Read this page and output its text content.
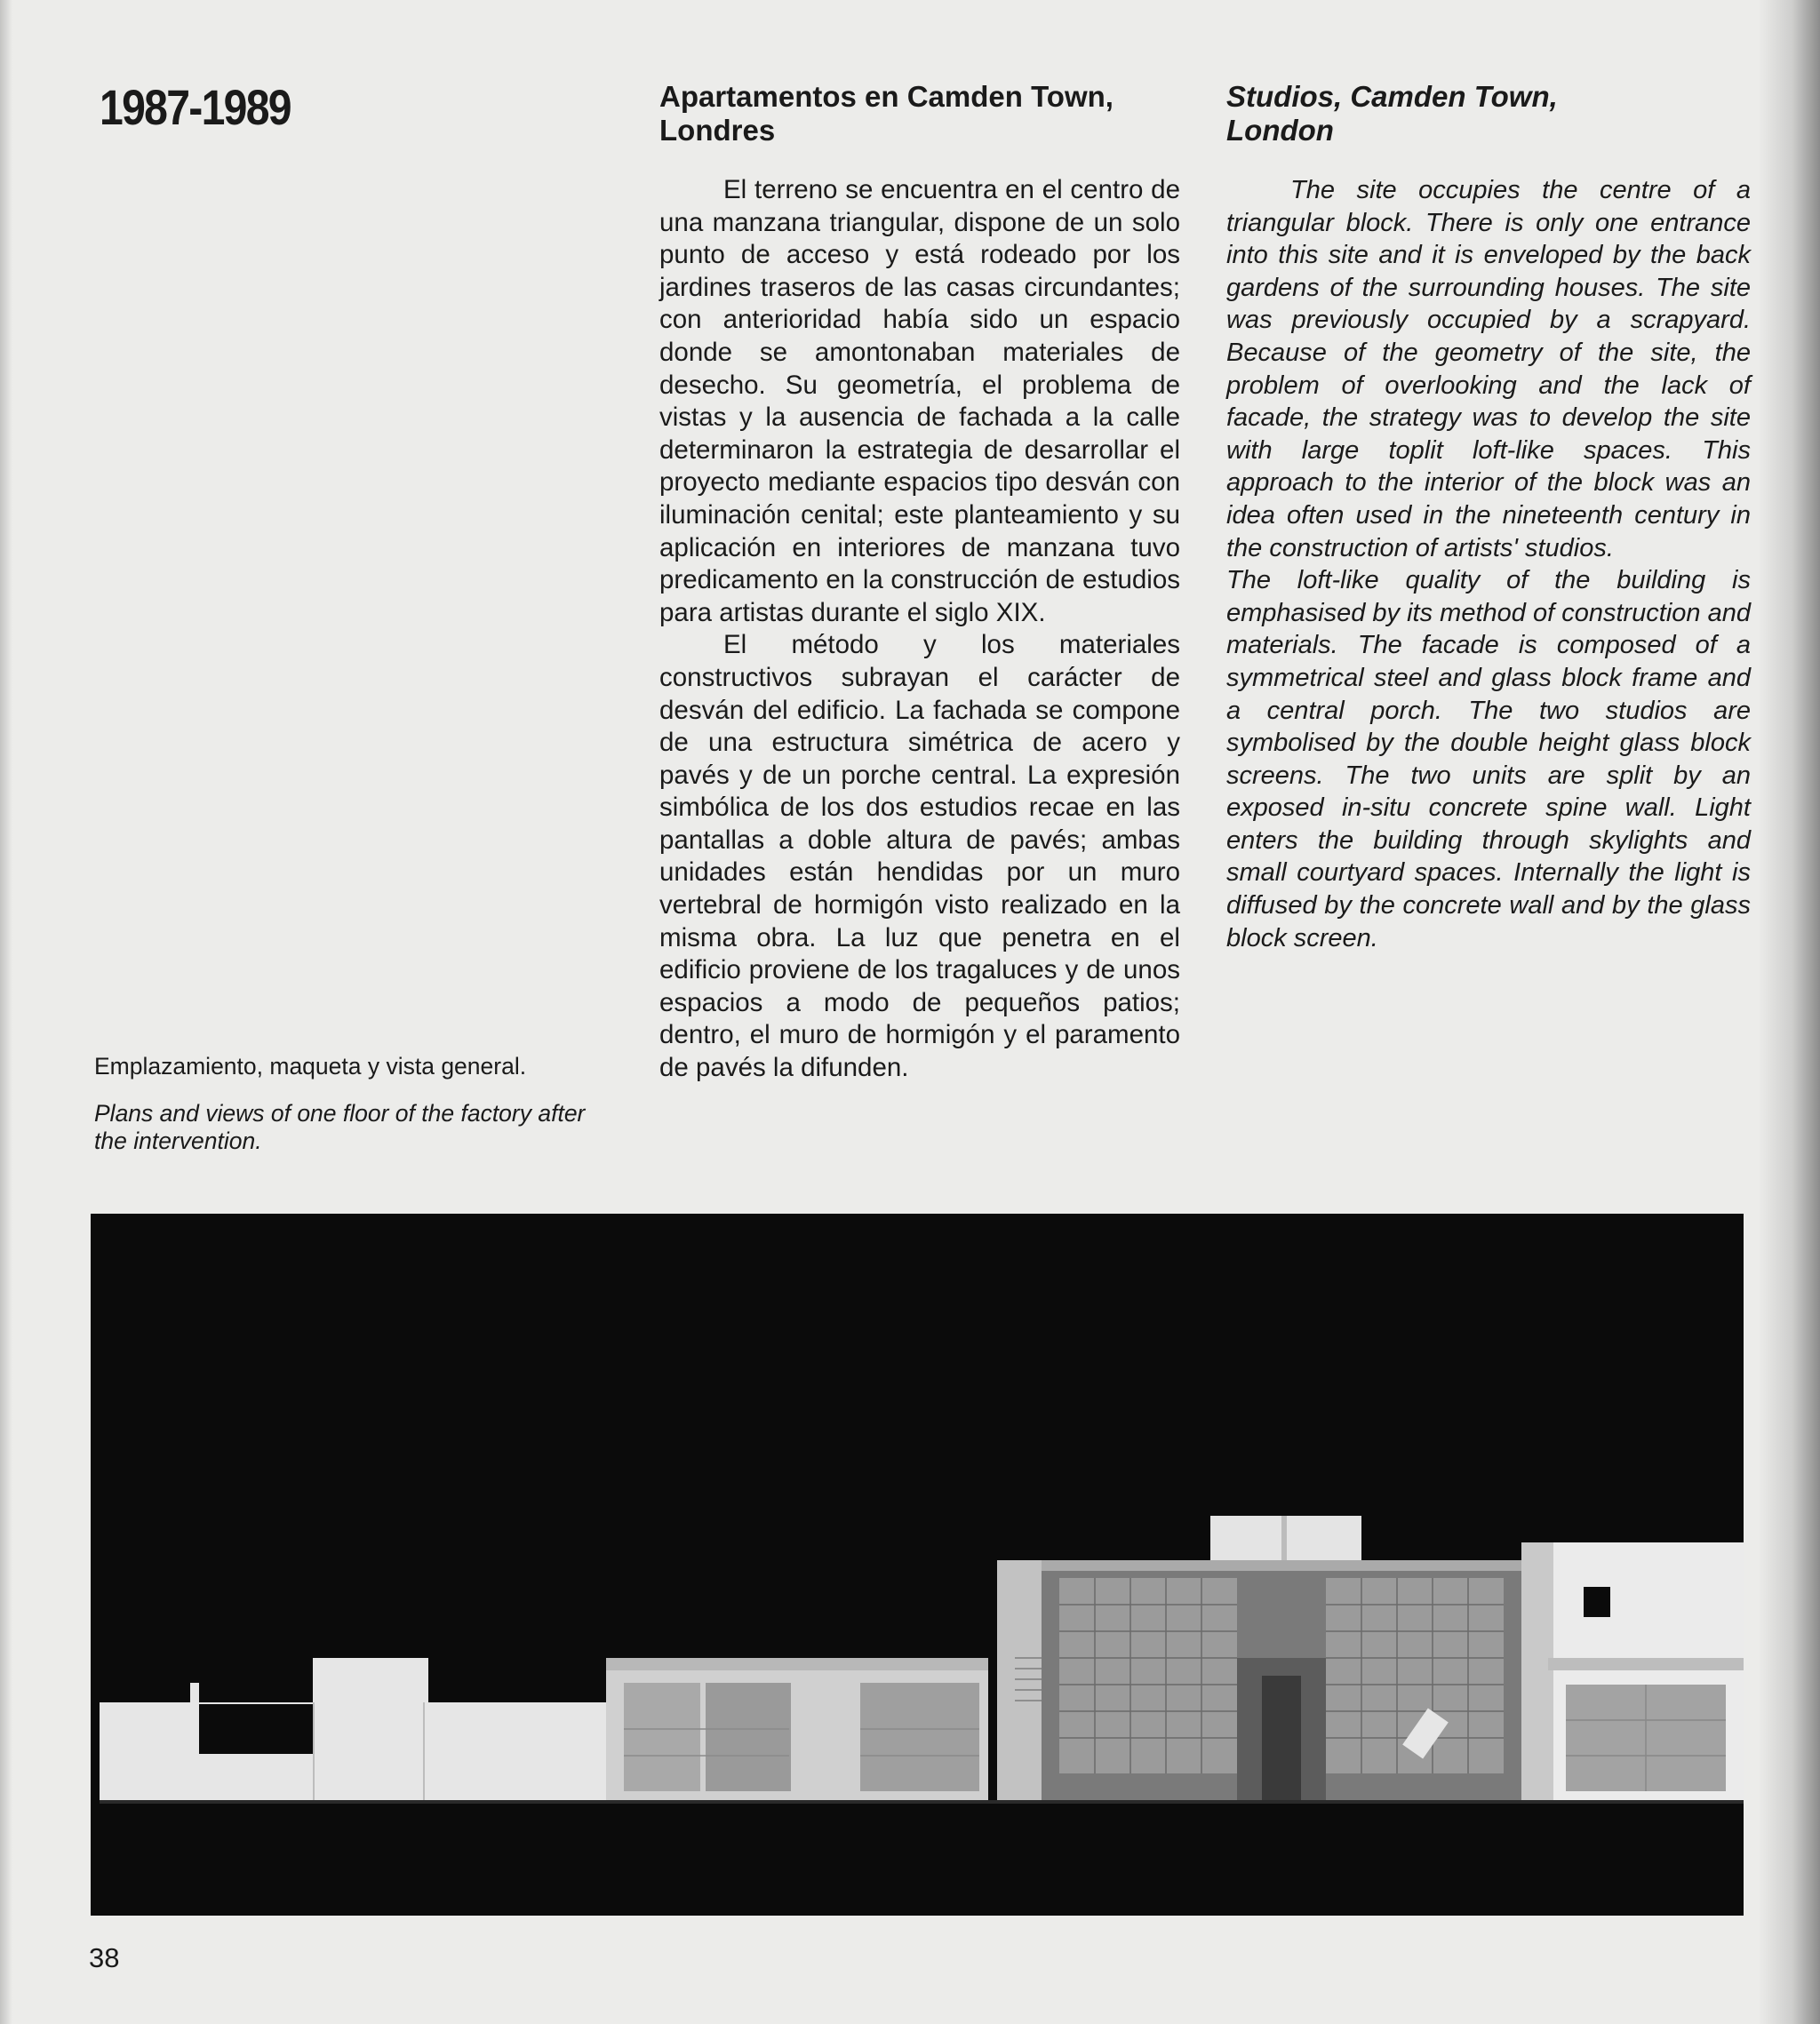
1987-1989	Apartamentos en Camden Town,
Londres

El terreno se encuentra en el centro de una manzana triangular, dispone de un solo punto de acceso y está rodeado por los jardines traseros de las casas circundantes; con anterioridad había sido un espacio donde se amontonaban materiales de desecho. Su geometría, el problema de vistas y la ausencia de fachada a la calle determinaron la estrategia de desarrollar el proyecto mediante espacios tipo desván con iluminación cenital; este planteamiento y su aplicación en interiores de manzana tuvo predicamento en la construcción de estudios para artistas durante el siglo XIX.

El método y los materiales constructivos subrayan el carácter de desván del edificio. La fachada se compone de una estructura simétrica de acero y pavés y de un porche central. La expresión simbólica de los dos estudios recae en las pantallas a doble altura de pavés; ambas unidades están hendidas por un muro vertebral de hormigón visto realizado en la misma obra. La luz que penetra en el edificio proviene de los tragaluces y de unos espacios a modo de pequeños patios; dentro, el muro de hormigón y el paramento de pavés la difunden.

Studios, Camden Town,
London

The site occupies the centre of a triangular block. There is only one entrance into this site and it is enveloped by the back gardens of the surrounding houses. The site was previously occupied by a scrapyard. Because of the geometry of the site, the problem of overlooking and the lack of facade, the strategy was to develop the site with large toplit loft-like spaces. This approach to the interior of the block was an idea often used in the nineteenth century in the construction of artists' studios.

The loft-like quality of the building is emphasised by its method of construction and materials. The facade is composed of a symmetrical steel and glass block frame and a central porch. The two studios are symbolised by the double height glass block screens. The two units are split by an exposed in-situ concrete spine wall. Light enters the building through skylights and small courtyard spaces. Internally the light is diffused by the concrete wall and by the glass block screen.

Emplazamiento, maqueta y vista general.

Plans and views of one floor of the factory after the intervention.

38
